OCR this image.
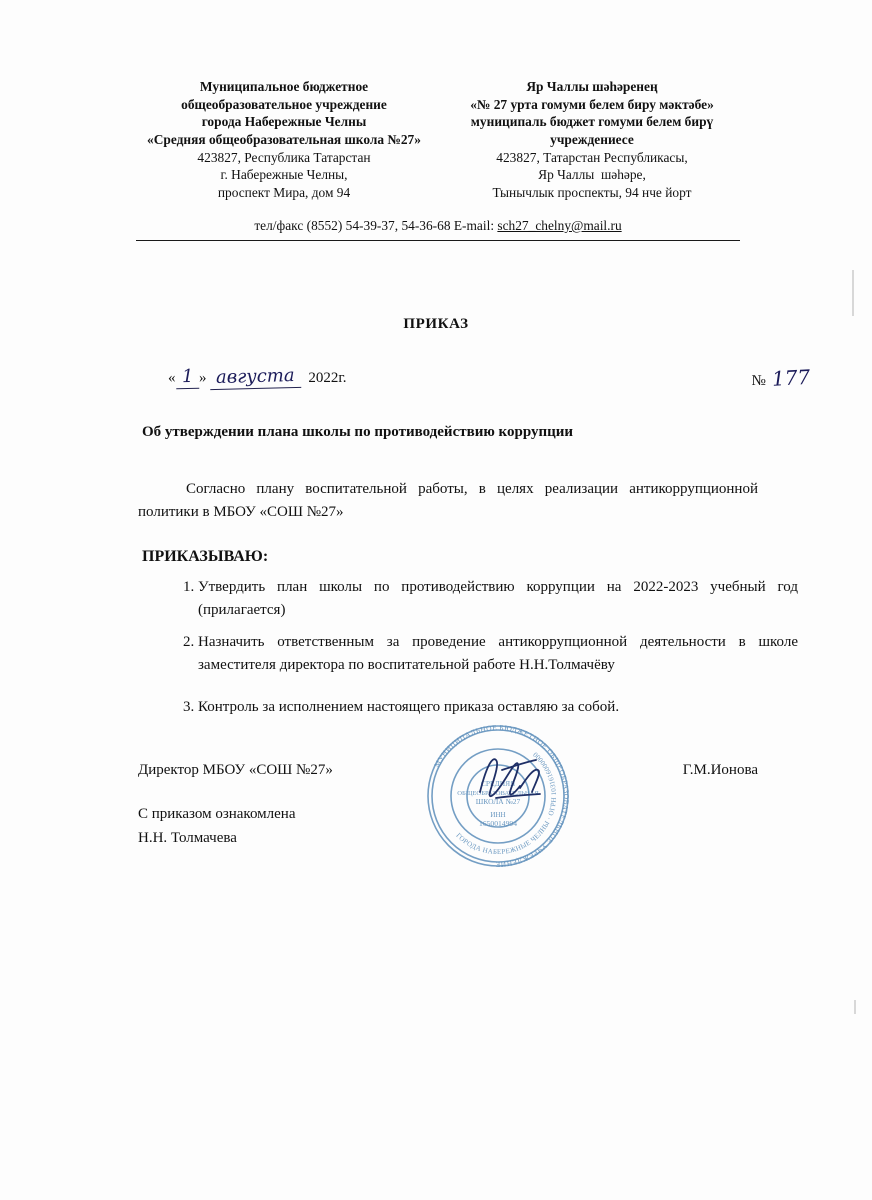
Муниципальное бюджетное
общеобразовательное учреждение
города Набережные Челны
«Средняя общеобразовательная школа №27»
423827, Республика Татарстан
г. Набережные Челны,
проспект Мира, дом 94
Яр Чаллы шәһәренең
«№ 27 урта гомуми белем биру мәктәбе»
муниципаль бюджет гомуми белем бирү
учреждениесе
423827, Татарстан Республикасы,
Яр Чаллы  шәһәре,
Тынычлык проспекты, 94 нче йорт
тел/факс (8552) 54-39-37, 54-36-68 E-mail: sch27_chelny@mail.ru
ПРИКАЗ
« 1 » августа 2022г.	№ 177
Об утверждении плана школы по противодействию коррупции
Согласно плану воспитательной работы, в целях реализации антикоррупционной политики в МБОУ «СОШ №27»
ПРИКАЗЫВАЮ:
1. Утвердить план школы по противодействию коррупции на 2022-2023 учебный год (прилагается)
2. Назначить ответственным за проведение антикоррупционной деятельности в школе заместителя директора по воспитательной работе Н.Н.Толмачёву
3. Контроль за исполнением настоящего приказа оставляю за собой.
Директор МБОУ «СОШ №27»	Г.М.Ионова
С приказом ознакомлена
Н.Н. Толмачева
МУНИЦИПАЛЬНОЕ БЮДЖЕТНОЕ ОБЩЕОБРАЗОВАТЕЛЬНОЕ УЧРЕЖДЕНИЕ
ГОРОДА НАБЕРЕЖНЫЕ ЧЕЛНЫ · ОГРН 1031616000000
СРЕДНЯЯ
ОБЩЕОБРАЗОВАТЕЛЬНАЯ
ШКОЛА №27
ИНН
1650014994
